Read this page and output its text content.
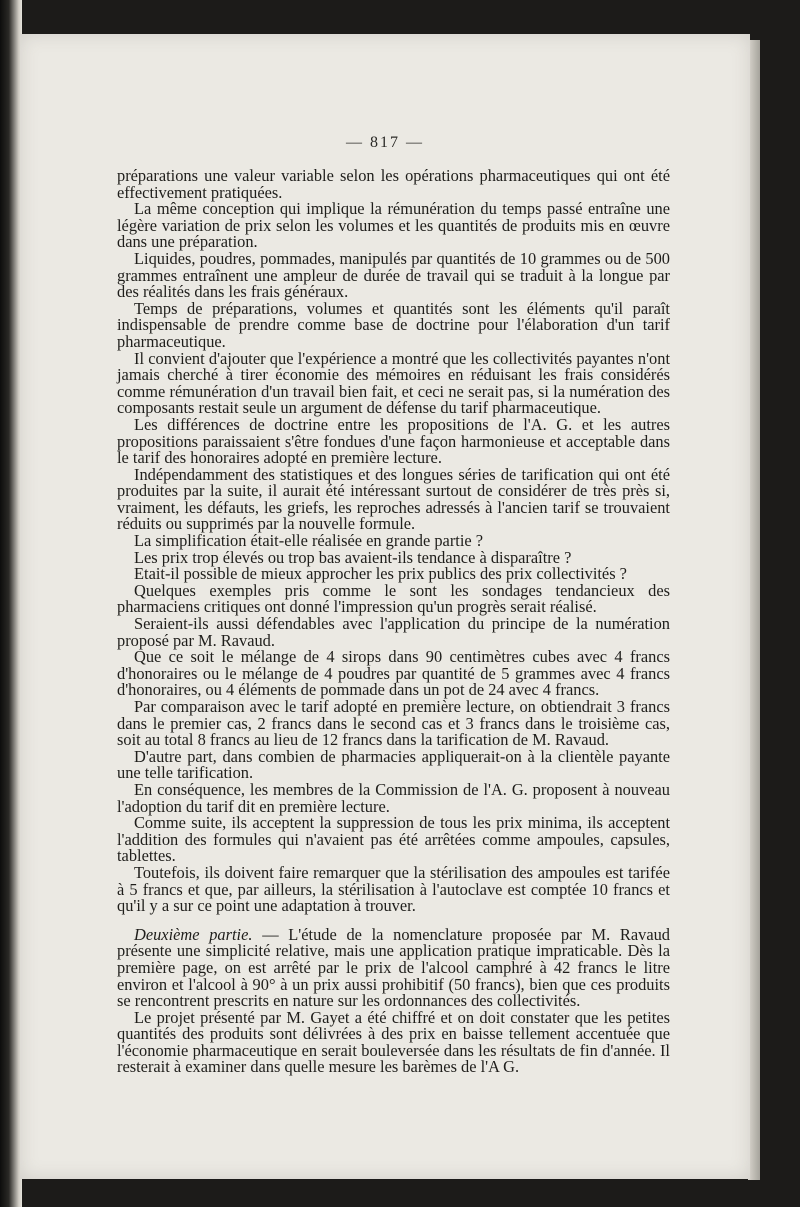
— 817 —

préparations une valeur variable selon les opérations pharmaceutiques qui ont été effectivement pratiquées.

La même conception qui implique la rémunération du temps passé entraîne une légère variation de prix selon les volumes et les quantités de produits mis en œuvre dans une préparation.

Liquides, poudres, pommades, manipulés par quantités de 10 grammes ou de 500 grammes entraînent une ampleur de durée de travail qui se traduit à la longue par des réalités dans les frais généraux.

Temps de préparations, volumes et quantités sont les éléments qu'il paraît indispensable de prendre comme base de doctrine pour l'élaboration d'un tarif pharmaceutique.

Il convient d'ajouter que l'expérience a montré que les collectivités payantes n'ont jamais cherché à tirer économie des mémoires en réduisant les frais considérés comme rémunération d'un travail bien fait, et ceci ne serait pas, si la numération des composants restait seule un argument de défense du tarif pharmaceutique.

Les différences de doctrine entre les propositions de l'A. G. et les autres propositions paraissaient s'être fondues d'une façon harmonieuse et acceptable dans le tarif des honoraires adopté en première lecture.

Indépendamment des statistiques et des longues séries de tarification qui ont été produites par la suite, il aurait été intéressant surtout de considérer de très près si, vraiment, les défauts, les griefs, les reproches adressés à l'ancien tarif se trouvaient réduits ou supprimés par la nouvelle formule.

La simplification était-elle réalisée en grande partie ?

Les prix trop élevés ou trop bas avaient-ils tendance à disparaître ?

Etait-il possible de mieux approcher les prix publics des prix collectivités ?

Quelques exemples pris comme le sont les sondages tendancieux des pharmaciens critiques ont donné l'impression qu'un progrès serait réalisé.

Seraient-ils aussi défendables avec l'application du principe de la numération proposé par M. Ravaud.

Que ce soit le mélange de 4 sirops dans 90 centimètres cubes avec 4 francs d'honoraires ou le mélange de 4 poudres par quantité de 5 grammes avec 4 francs d'honoraires, ou 4 éléments de pommade dans un pot de 24 avec 4 francs.

Par comparaison avec le tarif adopté en première lecture, on obtiendrait 3 francs dans le premier cas, 2 francs dans le second cas et 3 francs dans le troisième cas, soit au total 8 francs au lieu de 12 francs dans la tarification de M. Ravaud.

D'autre part, dans combien de pharmacies appliquerait-on à la clientèle payante une telle tarification.

En conséquence, les membres de la Commission de l'A. G. proposent à nouveau l'adoption du tarif dit en première lecture.

Comme suite, ils acceptent la suppression de tous les prix minima, ils acceptent l'addition des formules qui n'avaient pas été arrêtées comme ampoules, capsules, tablettes.

Toutefois, ils doivent faire remarquer que la stérilisation des ampoules est tarifée à 5 francs et que, par ailleurs, la stérilisation à l'autoclave est comptée 10 francs et qu'il y a sur ce point une adaptation à trouver.

Deuxième partie. — L'étude de la nomenclature proposée par M. Ravaud présente une simplicité relative, mais une application pratique impraticable. Dès la première page, on est arrêté par le prix de l'alcool camphré à 42 francs le litre environ et l'alcool à 90° à un prix aussi prohibitif (50 francs), bien que ces produits se rencontrent prescrits en nature sur les ordonnances des collectivités.

Le projet présenté par M. Gayet a été chiffré et on doit constater que les petites quantités des produits sont délivrées à des prix en baisse tellement accentuée que l'économie pharmaceutique en serait bouleversée dans les résultats de fin d'année. Il resterait à examiner dans quelle mesure les barèmes de l'A G.
